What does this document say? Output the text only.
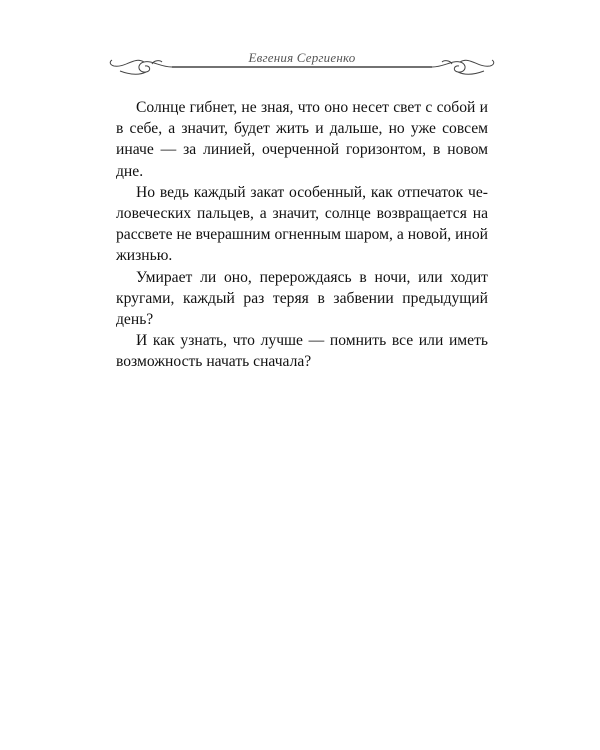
Евгения Сергиенко

Солнце гибнет, не зная, что оно несет свет с собой и в себе, а значит, будет жить и дальше, но уже совсем иначе — за линией, очерченной горизонтом, в новом дне.

Но ведь каждый закат особенный, как отпечаток человеческих пальцев, а значит, солнце возвращается на рассвете не вчерашним огненным шаром, а новой, иной жизнью.

Умирает ли оно, перерождаясь в ночи, или ходит кругами, каждый раз теряя в забвении предыдущий день?

И как узнать, что лучше — помнить все или иметь возможность начать сначала?
